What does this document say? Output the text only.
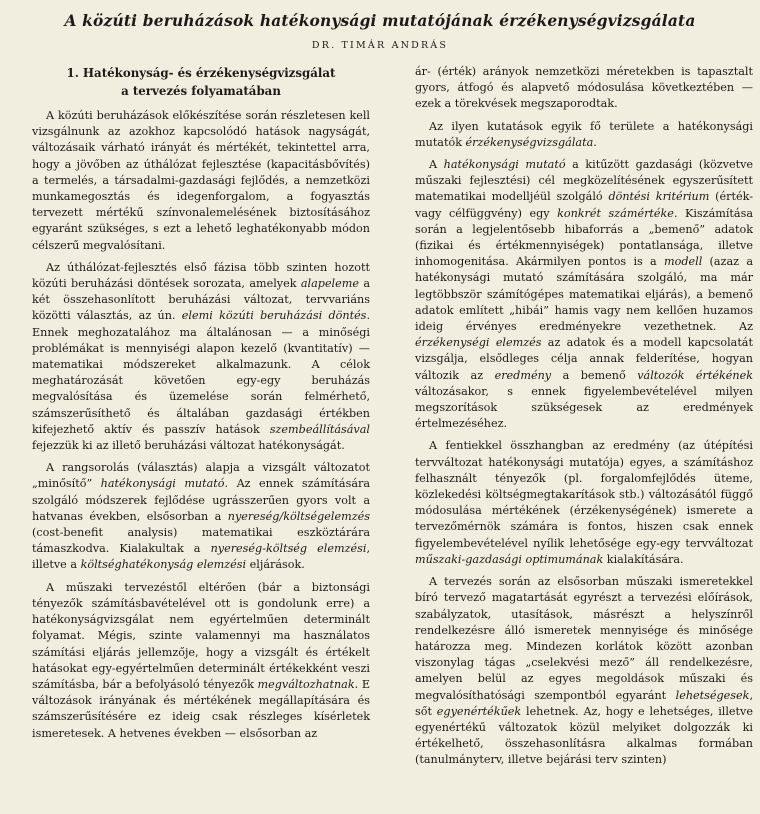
A közúti beruházások hatékonysági mutatójának érzékenységvizsgálata
DR. TIMÁR ANDRÁS
1. Hatékonyság- és érzékenységvizsgálat
a tervezés folyamatában

A közúti beruházások előkészítése során részletesen kell vizsgálnunk az azokhoz kapcsolódó hatások nagyságát, változásaik várható irányát és mértékét, tekintettel arra, hogy a jövőben az úthálózat fejlesztése (kapacitásbővítés) a termelés, a társadalmi-gazdasági fejlődés, a nemzetközi munkamegosztás és idegenforgalom, a fogyasztás tervezett mértékű színvonalemelésének biztosításához egyaránt szükséges, s ezt a lehető leghatékonyabb módon célszerű megvalósítani.

Az úthálózat-fejlesztés első fázisa több szinten hozott közúti beruházási döntések sorozata, amelyek alapeleme a két összehasonlított beruházási változat, tervvariáns közötti választás, az ún. elemi közúti beruházási döntés. Ennek meghozatalához ma általánosan — a minőségi problémákat is mennyiségi alapon kezelő (kvantitatív) — matematikai módszereket alkalmazunk. A célok meghatározását követően egy-egy beruházás megvalósítása és üzemelése során felmérhető, számszerűsíthető és általában gazdasági értékben kifejezhető aktív és passzív hatások szembeállításával fejezzük ki az illető beruházási változat hatékonyságát.

A rangsorolás (választás) alapja a vizsgált változatot „minősítő” hatékonysági mutató. Az ennek számítására szolgáló módszerek fejlődése ugrásszerűen gyors volt a hatvanas években, elsősorban a nyereség/költségelemzés (cost-benefit analysis) matematikai eszköztárára támaszkodva. Kialakultak a nyereség-költség elemzési, illetve a költséghatékonyság elemzési eljárások.

A műszaki tervezéstől eltérően (bár a biztonsági tényezők számításbavételével ott is gondolunk erre) a hatékonyságvizsgálat nem egyértelműen determinált folyamat. Mégis, szinte valamennyi ma használatos számítási eljárás jellemzője, hogy a vizsgált és értékelt hatásokat egy-egyértelműen determinált értékekként veszi számításba, bár a befolyásoló tényezők megváltozhatnak. E változások irányának és mértékének megállapítására és számszerűsítésére ez ideig csak részleges kísérletek ismeretesek. A hetvenes években — elsősorban az

ár- (érték) arányok nemzetközi méretekben is tapasztalt gyors, átfogó és alapvető módosulása következtében — ezek a törekvések megszaporodtak.

Az ilyen kutatások egyik fő területe a hatékonysági mutatók érzékenységvizsgálata.

A hatékonysági mutató a kitűzött gazdasági (közvetve műszaki fejlesztési) cél megközelítésének egyszerűsített matematikai modelljéül szolgáló döntési kritérium (érték- vagy célfüggvény) egy konkrét számértéke. Kiszámítása során a legjelentősebb hibaforrás a „bemenő” adatok (fizikai és értékmennyiségek) pontatlansága, illetve inhomogenitása. Akármilyen pontos is a modell (azaz a hatékonysági mutató számítására szolgáló, ma már legtöbbször számítógépes matematikai eljárás), a bemenő adatok említett „hibái” hamis vagy nem kellően huzamos ideig érvényes eredményekre vezethetnek. Az érzékenységi elemzés az adatok és a modell kapcsolatát vizsgálja, elsődleges célja annak felderítése, hogyan változik az eredmény a bemenő változók értékének változásakor, s ennek figyelembevételével milyen megszorítások szükségesek az eredmények értelmezéséhez.

A fentiekkel összhangban az eredmény (az útépítési tervváltozat hatékonysági mutatója) egyes, a számításhoz felhasznált tényezők (pl. forgalomfejlődés üteme, közlekedési költségmegtakarítások stb.) változásától függő módosulása mértékének (érzékenységének) ismerete a tervezőmérnök számára is fontos, hiszen csak ennek figyelembevételével nyílik lehetősége egy-egy tervváltozat műszaki-gazdasági optimumának kialakítására.

A tervezés során az elsősorban műszaki ismeretekkel bíró tervező magatartását egyrészt a tervezési előírások, szabályzatok, utasítások, másrészt a helyszínről rendelkezésre álló ismeretek mennyisége és minősége határozza meg. Mindezen korlátok között azonban viszonylag tágas „cselekvési mező” áll rendelkezésre, amelyen belül az egyes megoldások műszaki és megvalósíthatósági szempontból egyaránt lehetségesek, sőt egyenértékűek lehetnek. Az, hogy e lehetséges, illetve egyenértékű változatok közül melyiket dolgozzák ki értékelhető, összehasonlításra alkalmas formában (tanulmányterv, illetve bejárási terv szinten)
